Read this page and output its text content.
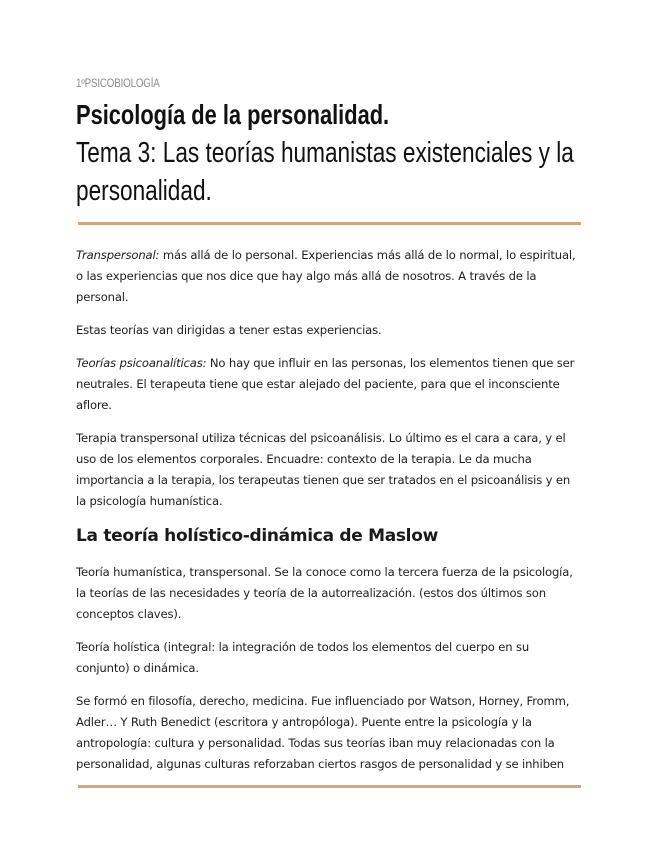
1ºPSICOBIOLOGÍA
Psicología de la personalidad.
Tema 3: Las teorías humanistas existenciales y la personalidad.

Transpersonal: más allá de lo personal. Experiencias más allá de lo normal, lo espiritual, o las experiencias que nos dice que hay algo más allá de nosotros. A través de la personal.

Estas teorías van dirigidas a tener estas experiencias.

Teorías psicoanalíticas: No hay que influir en las personas, los elementos tienen que ser neutrales. El terapeuta tiene que estar alejado del paciente, para que el inconsciente aflore.

Terapia transpersonal utiliza técnicas del psicoanálisis. Lo último es el cara a cara, y el uso de los elementos corporales. Encuadre: contexto de la terapia. Le da mucha importancia a la terapia, los terapeutas tienen que ser tratados en el psicoanálisis y en la psicología humanística.

La teoría holístico-dinámica de Maslow

Teoría humanística, transpersonal. Se la conoce como la tercera fuerza de la psicología, la teorías de las necesidades y teoría de la autorrealización. (estos dos últimos son conceptos claves).

Teoría holística (integral: la integración de todos los elementos del cuerpo en su conjunto) o dinámica.

Se formó en filosofía, derecho, medicina. Fue influenciado por Watson, Horney, Fromm, Adler… Y Ruth Benedict (escritora y antropóloga). Puente entre la psicología y la antropología: cultura y personalidad. Todas sus teorías iban muy relacionadas con la personalidad, algunas culturas reforzaban ciertos rasgos de personalidad y se inhiben
